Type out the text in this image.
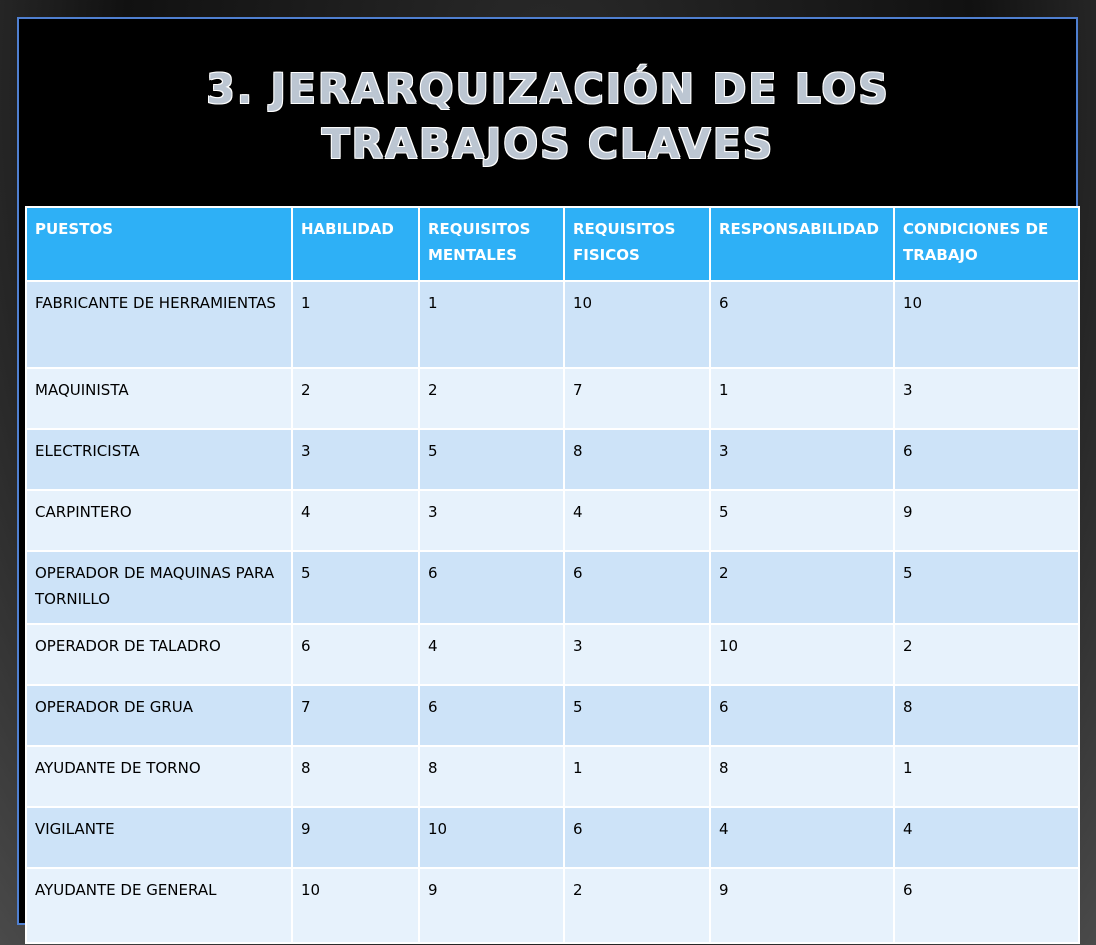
3. JERARQUIZACIÓN DE LOS
TRABAJOS CLAVES
PUESTOS	HABILIDAD	REQUISITOS MENTALES	REQUISITOS FISICOS	RESPONSABILIDAD	CONDICIONES DE TRABAJO
FABRICANTE DE HERRAMIENTAS	1	1	10	6	10
MAQUINISTA	2	2	7	1	3
ELECTRICISTA	3	5	8	3	6
CARPINTERO	4	3	4	5	9
OPERADOR DE MAQUINAS PARA TORNILLO	5	6	6	2	5
OPERADOR DE TALADRO	6	4	3	10	2
OPERADOR DE GRUA	7	6	5	6	8
AYUDANTE DE TORNO	8	8	1	8	1
VIGILANTE	9	10	6	4	4
AYUDANTE DE GENERAL	10	9	2	9	6
